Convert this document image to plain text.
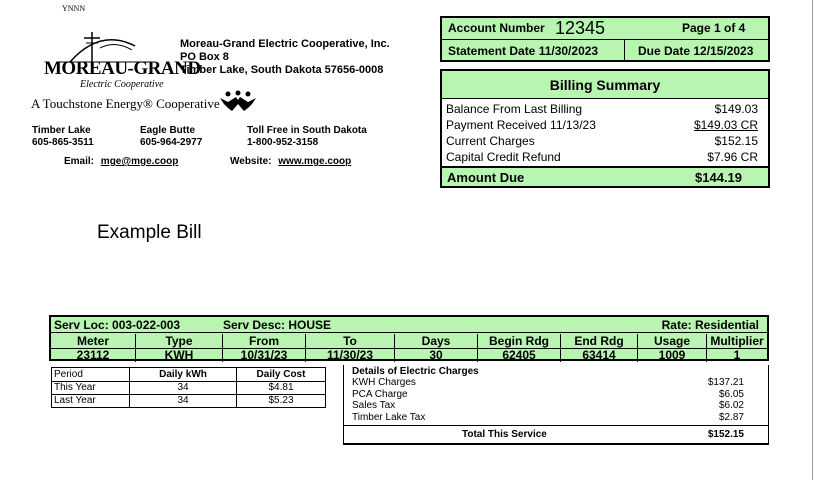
YNNN
MOREAU-GRAND
Electric Cooperative
A Touchstone Energy® Cooperative
Moreau-Grand Electric Cooperative, Inc.
PO Box 8
Timber Lake, South Dakota 57656-0008
Timber Lake
605-865-3511
Eagle Butte
605-964-2977
Toll Free in South Dakota
1-800-952-3158
Email: mge@mge.coop	Website: www.mge.coop
Example Bill
Account Number 12345	Page 1 of 4
Statement Date 11/30/2023	Due Date 12/15/2023
Billing Summary
Balance From Last Billing	$149.03
Payment Received 11/13/23	$149.03 CR
Current Charges	$152.15
Capital Credit Refund	$7.96 CR
Amount Due	$144.19
Serv Loc: 003-022-003	Serv Desc: HOUSE	Rate: Residential
Meter	Type	From	To	Days	Begin Rdg	End Rdg	Usage	Multiplier
23112	KWH	10/31/23	11/30/23	30	62405	63414	1009	1
Period	Daily kWh	Daily Cost
This Year	34	$4.81
Last Year	34	$5.23
Details of Electric Charges
KWH Charges	$137.21
PCA Charge	$6.05
Sales Tax	$6.02
Timber Lake Tax	$2.87
Total This Service	$152.15
